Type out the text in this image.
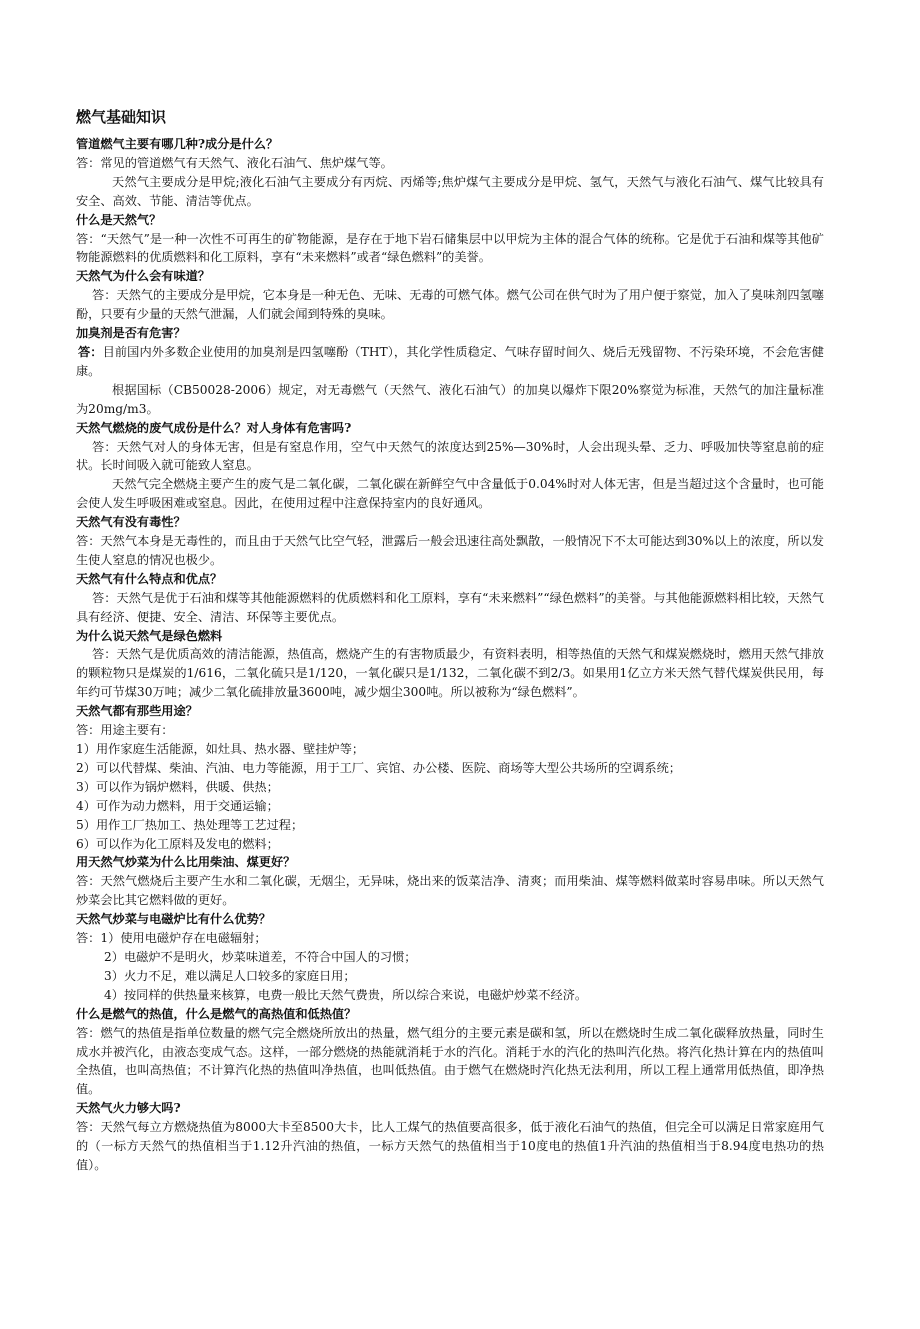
燃气基础知识
管道燃气主要有哪几种?成分是什么？
答：常见的管道燃气有天然气、液化石油气、焦炉煤气等。
天然气主要成分是甲烷;液化石油气主要成分有丙烷、丙烯等;焦炉煤气主要成分是甲烷、氢气，天然气与液化石油气、煤气比较具有安全、高效、节能、清洁等优点。
什么是天然气？
答：“天然气”是一种一次性不可再生的矿物能源，是存在于地下岩石储集层中以甲烷为主体的混合气体的统称。它是优于石油和煤等其他矿物能源燃料的优质燃料和化工原料，享有“未来燃料”或者“绿色燃料”的美誉。
天然气为什么会有味道？
答：天然气的主要成分是甲烷，它本身是一种无色、无味、无毒的可燃气体。燃气公司在供气时为了用户便于察觉，加入了臭味剂四氢噻酚，只要有少量的天然气泄漏，人们就会闻到特殊的臭味。
加臭剂是否有危害？
答：目前国内外多数企业使用的加臭剂是四氢噻酚（THT），其化学性质稳定、气味存留时间久、烧后无残留物、不污染环境，不会危害健康。
根据国标（CB50028-2006）规定，对无毒燃气（天然气、液化石油气）的加臭以爆炸下限20%察觉为标准，天然气的加注量标准为20mg/m3。
天然气燃烧的废气成份是什么？对人身体有危害吗?
答：天然气对人的身体无害，但是有窒息作用，空气中天然气的浓度达到25%—30%时，人会出现头晕、乏力、呼吸加快等窒息前的症状。长时间吸入就可能致人窒息。
天然气完全燃烧主要产生的废气是二氧化碳，二氧化碳在新鲜空气中含量低于0.04%时对人体无害，但是当超过这个含量时，也可能会使人发生呼吸困难或窒息。因此，在使用过程中注意保持室内的良好通风。
天然气有没有毒性？
答：天然气本身是无毒性的，而且由于天然气比空气轻，泄露后一般会迅速往高处飘散，一般情况下不太可能达到30%以上的浓度，所以发生使人窒息的情况也极少。
天然气有什么特点和优点？
答：天然气是优于石油和煤等其他能源燃料的优质燃料和化工原料，享有“未来燃料”“绿色燃料”的美誉。与其他能源燃料相比较，天然气具有经济、便捷、安全、清洁、环保等主要优点。
为什么说天然气是绿色燃料
答：天然气是优质高效的清洁能源，热值高，燃烧产生的有害物质最少，有资料表明，相等热值的天然气和煤炭燃烧时，燃用天然气排放的颗粒物只是煤炭的1/616，二氧化硫只是1/120，一氧化碳只是1/132，二氧化碳不到2/3。如果用1亿立方米天然气替代煤炭供民用，每年约可节煤30万吨；减少二氧化硫排放量3600吨，减少烟尘300吨。所以被称为“绿色燃料”。
天然气都有那些用途？
答：用途主要有：
1）用作家庭生活能源，如灶具、热水器、壁挂炉等；
2）可以代替煤、柴油、汽油、电力等能源，用于工厂、宾馆、办公楼、医院、商场等大型公共场所的空调系统；
3）可以作为锅炉燃料，供暖、供热；
4）可作为动力燃料，用于交通运输；
5）用作工厂热加工、热处理等工艺过程；
6）可以作为化工原料及发电的燃料；
用天然气炒菜为什么比用柴油、煤更好？
答：天然气燃烧后主要产生水和二氧化碳，无烟尘，无异味，烧出来的饭菜洁净、清爽；而用柴油、煤等燃料做菜时容易串味。所以天然气炒菜会比其它燃料做的更好。
天然气炒菜与电磁炉比有什么优势？
答：1）使用电磁炉存在电磁辐射；
2）电磁炉不是明火，炒菜味道差，不符合中国人的习惯；
3）火力不足，难以满足人口较多的家庭日用；
4）按同样的供热量来核算，电费一般比天然气费贵，所以综合来说，电磁炉炒菜不经济。
什么是燃气的热值，什么是燃气的高热值和低热值？
答：燃气的热值是指单位数量的燃气完全燃烧所放出的热量，燃气组分的主要元素是碳和氢，所以在燃烧时生成二氧化碳释放热量，同时生成水并被汽化，由液态变成气态。这样，一部分燃烧的热能就消耗于水的汽化。消耗于水的汽化的热叫汽化热。将汽化热计算在内的热值叫全热值，也叫高热值；不计算汽化热的热值叫净热值，也叫低热值。由于燃气在燃烧时汽化热无法利用，所以工程上通常用低热值，即净热值。
天然气火力够大吗?
答：天然气每立方燃烧热值为8000大卡至8500大卡，比人工煤气的热值要高很多，低于液化石油气的热值，但完全可以满足日常家庭用气的（一标方天然气的热值相当于1.12升汽油的热值，一标方天然气的热值相当于10度电的热值1升汽油的热值相当于8.94度电热功的热值）。
